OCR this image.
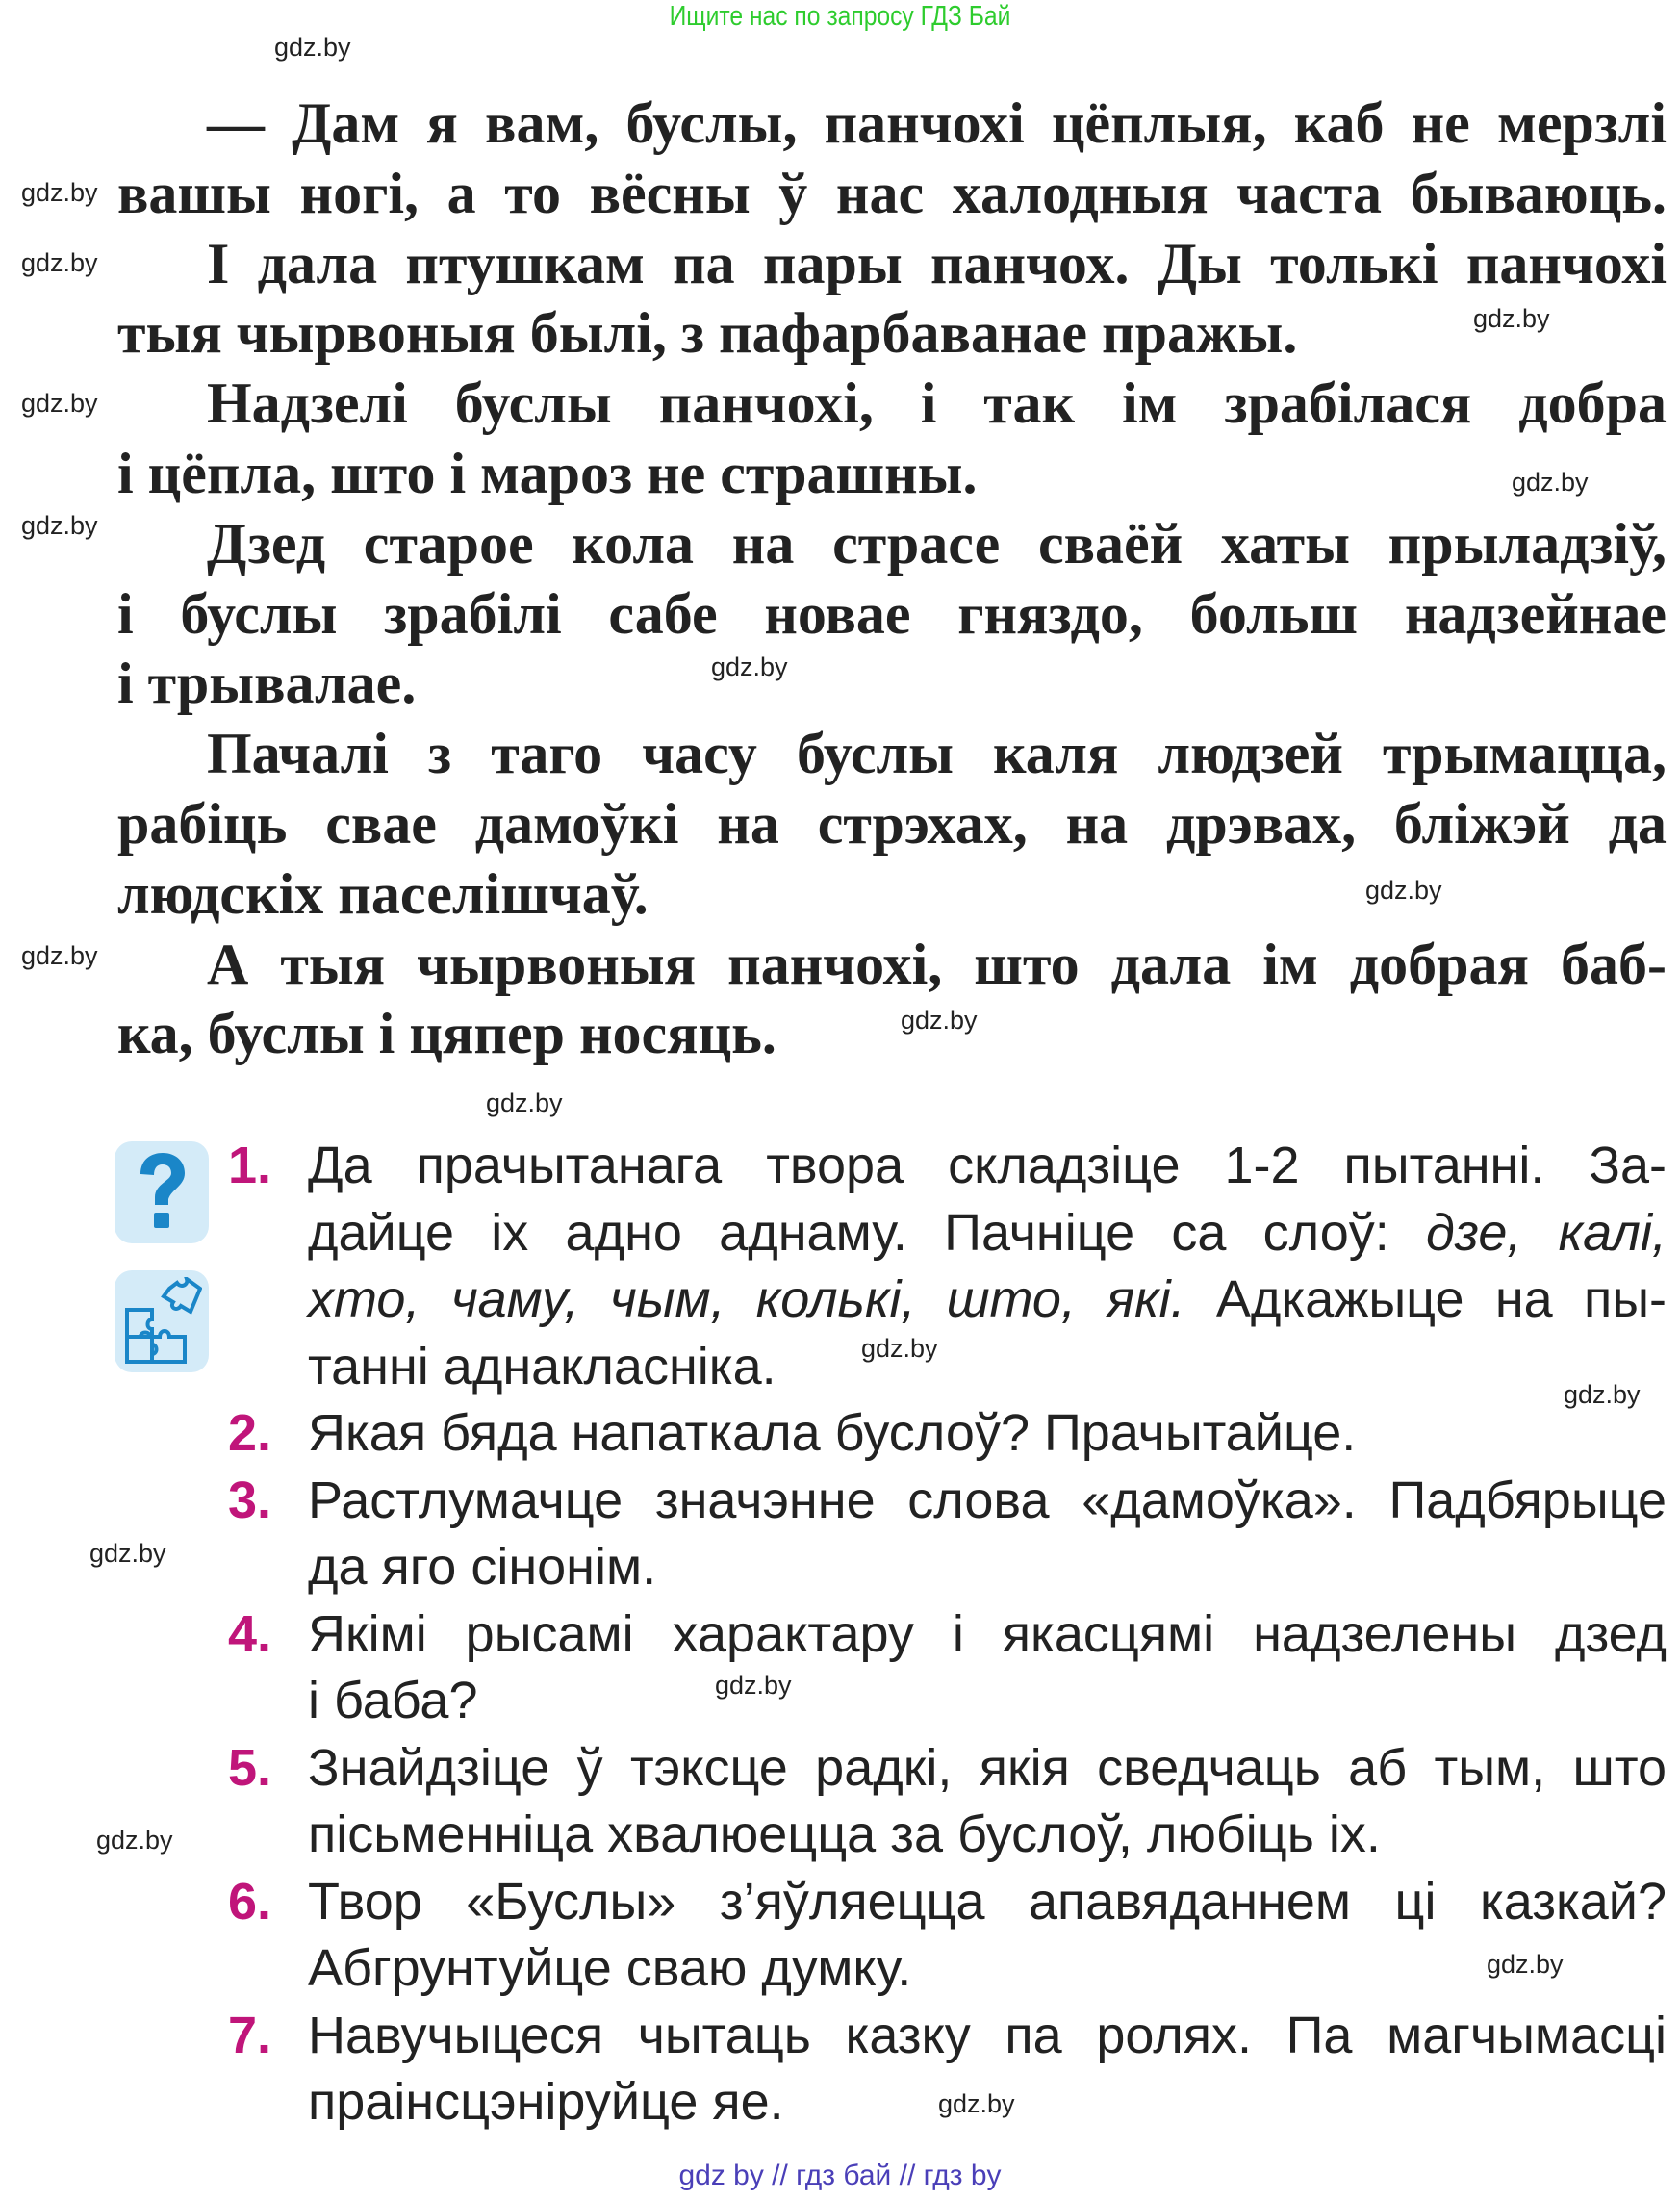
Ищите нас по запросу ГДЗ Бай
— Дам я вам, буслы, панчохі цёплыя, каб не мерзлі
вашы ногі, а то вёсны ў нас халодныя часта бываюць.
І дала птушкам па пары панчох. Ды толькі панчохі
тыя чырвоныя былі, з пафарбаванае пражы.
Надзелі буслы панчохі, і так ім зрабілася добра
і цёпла, што і мароз не страшны.
Дзед старое кола на страсе сваёй хаты прыладзіў,
і буслы зрабілі сабе новае гняздо, больш надзейнае
і трывалае.
Пачалі з таго часу буслы каля людзей трымацца,
рабіць свае дамоўкі на стрэхах, на дрэвах, бліжэй да
людскіх паселішчаў.
А тыя чырвоныя панчохі, што дала ім добрая баб-
ка, буслы і цяпер носяць.
1. Да прачытанага твора складзіце 1-2 пытанні. За-
дайце іх адно аднаму. Пачніце са слоў: дзе, калі,
хто, чаму, чым, колькі, што, які. Адкажыце на пы-
танні аднакласніка.
2. Якая бяда напаткала буслоў? Прачытайце.
3. Растлумачце значэнне слова «дамоўка». Падбярыце
да яго сінонім.
4. Якімі рысамі характару і якасцямі надзелены дзед
і баба?
5. Знайдзіце ў тэксце радкі, якія сведчаць аб тым, што
пісьменніца хвалюецца за буслоў, любіць іх.
6. Твор «Буслы» з’яўляецца апавяданнем ці казкай?
Абгрунтуйце сваю думку.
7. Навучыцеся чытаць казку па ролях. Па магчымасці
праінсцэніруйце яе.
gdz.by
gdz.by
gdz.by
gdz.by
gdz.by
gdz.by
gdz.by
gdz.by
gdz.by
gdz.by
gdz.by
gdz.by
gdz.by
gdz.by
gdz.by
gdz.by
gdz.by
gdz.by
gdz.by
gdz by // гдз бай // гдз by
